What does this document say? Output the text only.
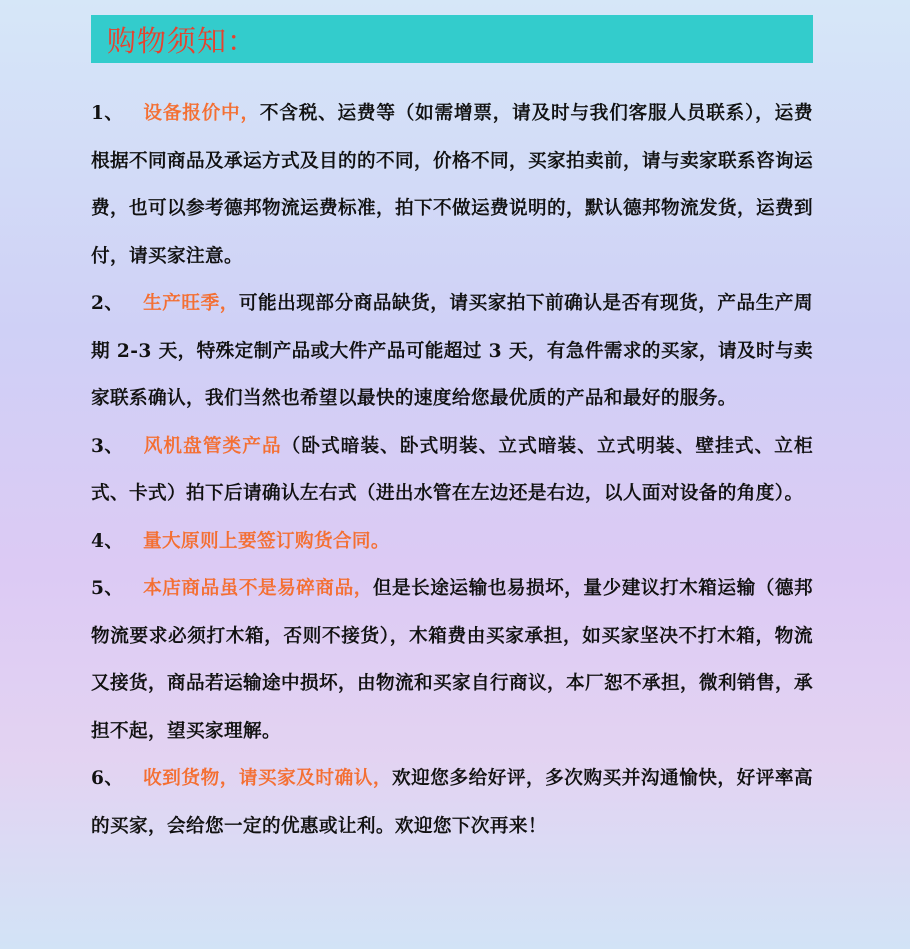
购物须知：
1、 设备报价中，不含税、运费等（如需增票，请及时与我们客服人员联系），运费根据不同商品及承运方式及目的的不同，价格不同，买家拍卖前，请与卖家联系咨询运费，也可以参考德邦物流运费标准，拍下不做运费说明的，默认德邦物流发货，运费到付，请买家注意。
2、 生产旺季，可能出现部分商品缺货，请买家拍下前确认是否有现货，产品生产周期 2-3 天，特殊定制产品或大件产品可能超过 3 天，有急件需求的买家，请及时与卖家联系确认，我们当然也希望以最快的速度给您最优质的产品和最好的服务。
3、 风机盘管类产品（卧式暗装、卧式明装、立式暗装、立式明装、壁挂式、立柜式、卡式）拍下后请确认左右式（进出水管在左边还是右边，以人面对设备的角度）。
4、 量大原则上要签订购货合同。
5、 本店商品虽不是易碎商品，但是长途运输也易损坏，量少建议打木箱运输（德邦物流要求必须打木箱，否则不接货），木箱费由买家承担，如买家坚决不打木箱，物流又接货，商品若运输途中损坏，由物流和买家自行商议，本厂恕不承担，微利销售，承担不起，望买家理解。
6、 收到货物，请买家及时确认，欢迎您多给好评，多次购买并沟通愉快，好评率高的买家，会给您一定的优惠或让利。欢迎您下次再来！
